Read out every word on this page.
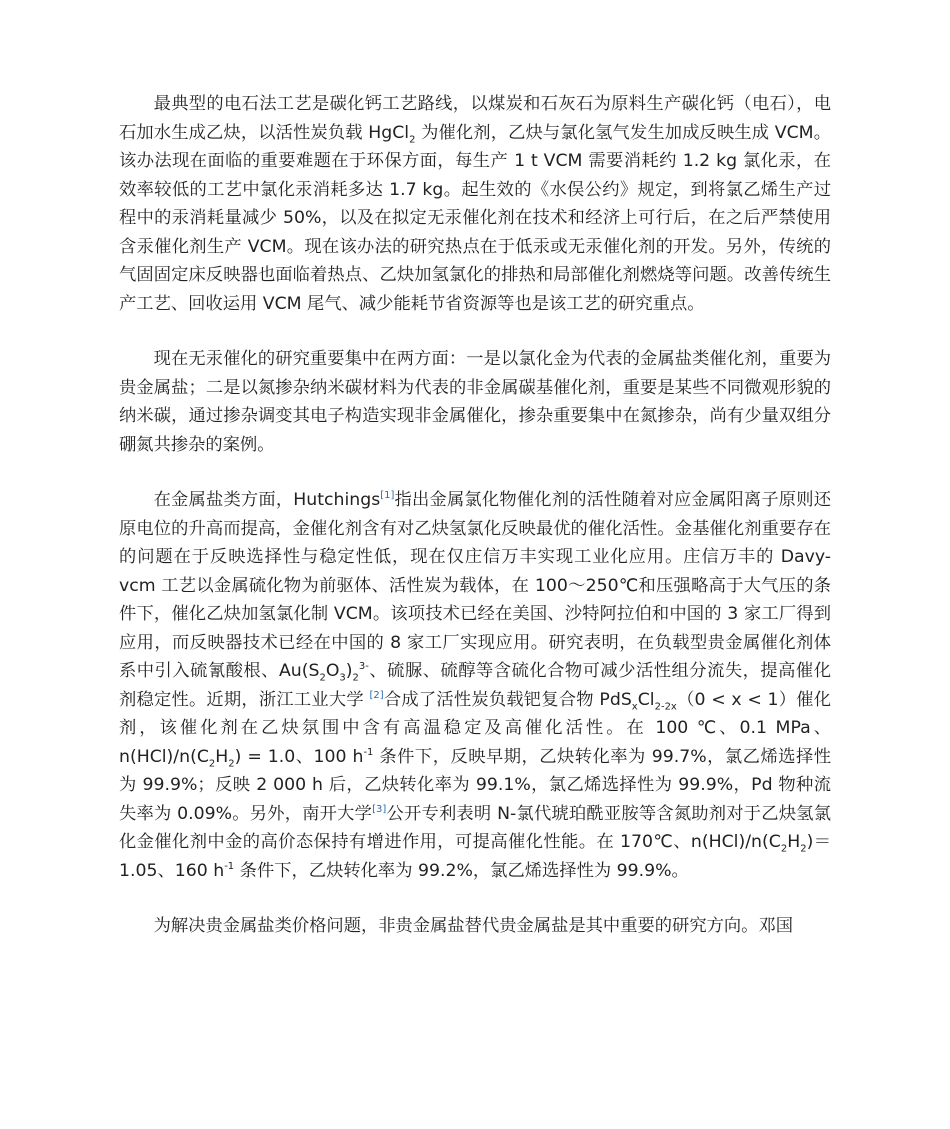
最典型的电石法工艺是碳化钙工艺路线，以煤炭和石灰石为原料生产碳化钙（电石），电石加水生成乙炔，以活性炭负载 HgCl$_2$ 为催化剂，乙炔与氯化氢气发生加成反映生成 VCM。该办法现在面临的重要难题在于环保方面，每生产 1 t VCM 需要消耗约 1.2 kg 氯化汞，在效率较低的工艺中氯化汞消耗多达 1.7 kg。起生效的《水俣公约》规定，到将氯乙烯生产过程中的汞消耗量减少 50%，以及在拟定无汞催化剂在技术和经济上可行后，在之后严禁使用含汞催化剂生产 VCM。现在该办法的研究热点在于低汞或无汞催化剂的开发。另外，传统的气固固定床反映器也面临着热点、乙炔加氢氯化的排热和局部催化剂燃烧等问题。改善传统生产工艺、回收运用 VCM 尾气、减少能耗节省资源等也是该工艺的研究重点。

现在无汞催化的研究重要集中在两方面：一是以氯化金为代表的金属盐类催化剂，重要为贵金属盐；二是以氮掺杂纳米碳材料为代表的非金属碳基催化剂，重要是某些不同微观形貌的纳米碳，通过掺杂调变其电子构造实现非金属催化，掺杂重要集中在氮掺杂，尚有少量双组分硼氮共掺杂的案例。

在金属盐类方面，Hutchings[1]指出金属氯化物催化剂的活性随着对应金属阳离子原则还原电位的升高而提高，金催化剂含有对乙炔氢氯化反映最优的催化活性。金基催化剂重要存在的问题在于反映选择性与稳定性低，现在仅庄信万丰实现工业化应用。庄信万丰的 Davy-vcm 工艺以金属硫化物为前驱体、活性炭为载体，在 100～250℃和压强略高于大气压的条件下，催化乙炔加氢氯化制 VCM。该项技术已经在美国、沙特阿拉伯和中国的 3 家工厂得到应用，而反映器技术已经在中国的 8 家工厂实现应用。研究表明，在负载型贵金属催化剂体系中引入硫氰酸根、$Au(S_2O_3)_2^{3-}$、硫脲、硫醇等含硫化合物可减少活性组分流失，提高催化剂稳定性。近期，浙江工业大学 [2]合成了活性炭负载钯复合物 $PdS_xCl_{2-2x}(0 < x < 1)$催化剂，该催化剂在乙炔氛围中含有高温稳定及高催化活性。在 100 ℃、0.1 MPa、$n(HCl)/n(C_2H_2) = 1.0$、100 $h^{-1}$ 条件下，反映早期，乙炔转化率为 99.7%，氯乙烯选择性为 99.9%；反映 2 000 h 后，乙炔转化率为 99.1%，氯乙烯选择性为 99.9%，Pd 物种流失率为 0.09%。另外，南开大学[3]公开专利表明 N-氯代琥珀酰亚胺等含氮助剂对于乙炔氢氯化金催化剂中金的高价态保持有增进作用，可提高催化性能。在 170℃、$n(HCl)/n(C_2H_2)=1.05$、160 $h^{-1}$ 条件下，乙炔转化率为 99.2%，氯乙烯选择性为 99.9%。

为解决贵金属盐类价格问题，非贵金属盐替代贵金属盐是其中重要的研究方向。邓国
